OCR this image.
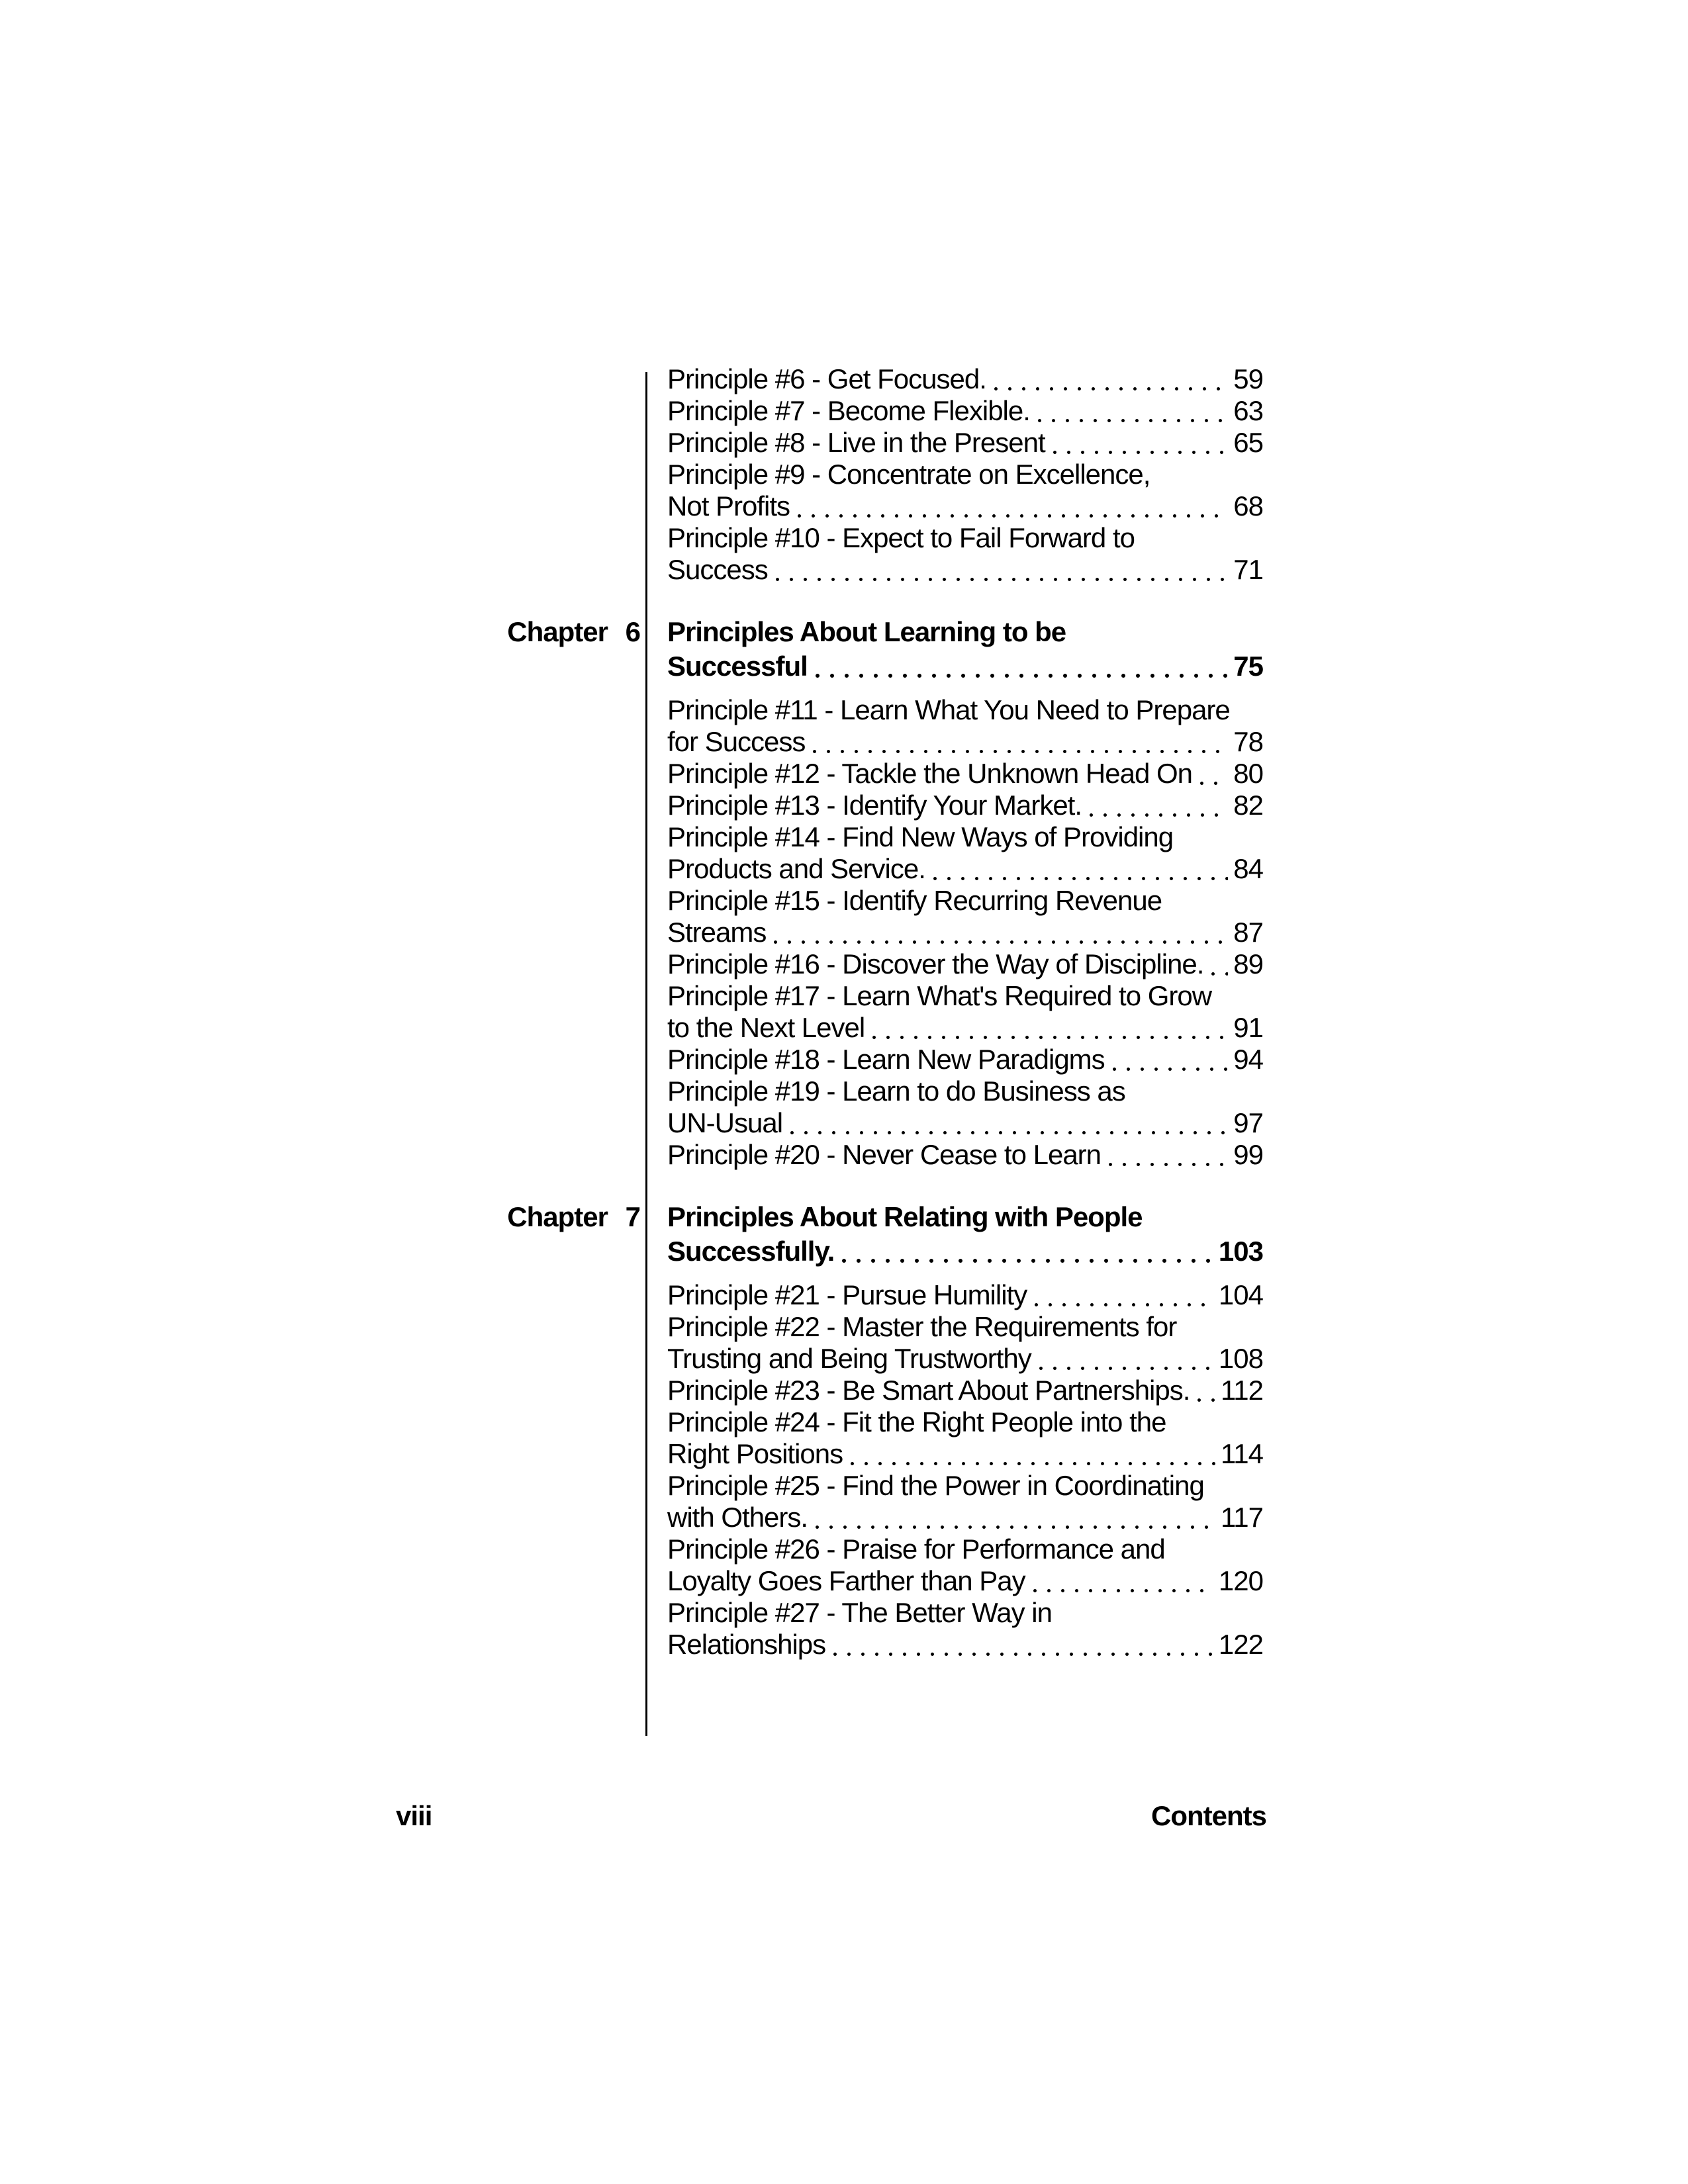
Principle #6 - Get Focused.	59
Principle #7 - Become Flexible.	63
Principle #8 - Live in the Present	65
Principle #9 - Concentrate on Excellence,
Not Profits	68
Principle #10 - Expect to Fail Forward to
Success	71
Chapter 6 Principles About Learning to be
Successful	75
Principle #11 - Learn What You Need to Prepare
for Success	78
Principle #12 - Tackle the Unknown Head On 80
Principle #13 - Identify Your Market.	82
Principle #14 - Find New Ways of Providing
Products and Service.	84
Principle #15 - Identify Recurring Revenue
Streams	87
Principle #16 - Discover the Way of Discipline. 89
Principle #17 - Learn What's Required to Grow
to the Next Level	91
Principle #18 - Learn New Paradigms	94
Principle #19 - Learn to do Business as
UN-Usual	97
Principle #20 - Never Cease to Learn	99
Chapter 7 Principles About Relating with People
Successfully.	103
Principle #21 - Pursue Humility	104
Principle #22 - Master the Requirements for
Trusting and Being Trustworthy	108
Principle #23 - Be Smart About Partnerships. 112
Principle #24 - Fit the Right People into the
Right Positions	114
Principle #25 - Find the Power in Coordinating
with Others.	117
Principle #26 - Praise for Performance and
Loyalty Goes Farther than Pay	120
Principle #27 - The Better Way in
Relationships	122
viii	Contents
